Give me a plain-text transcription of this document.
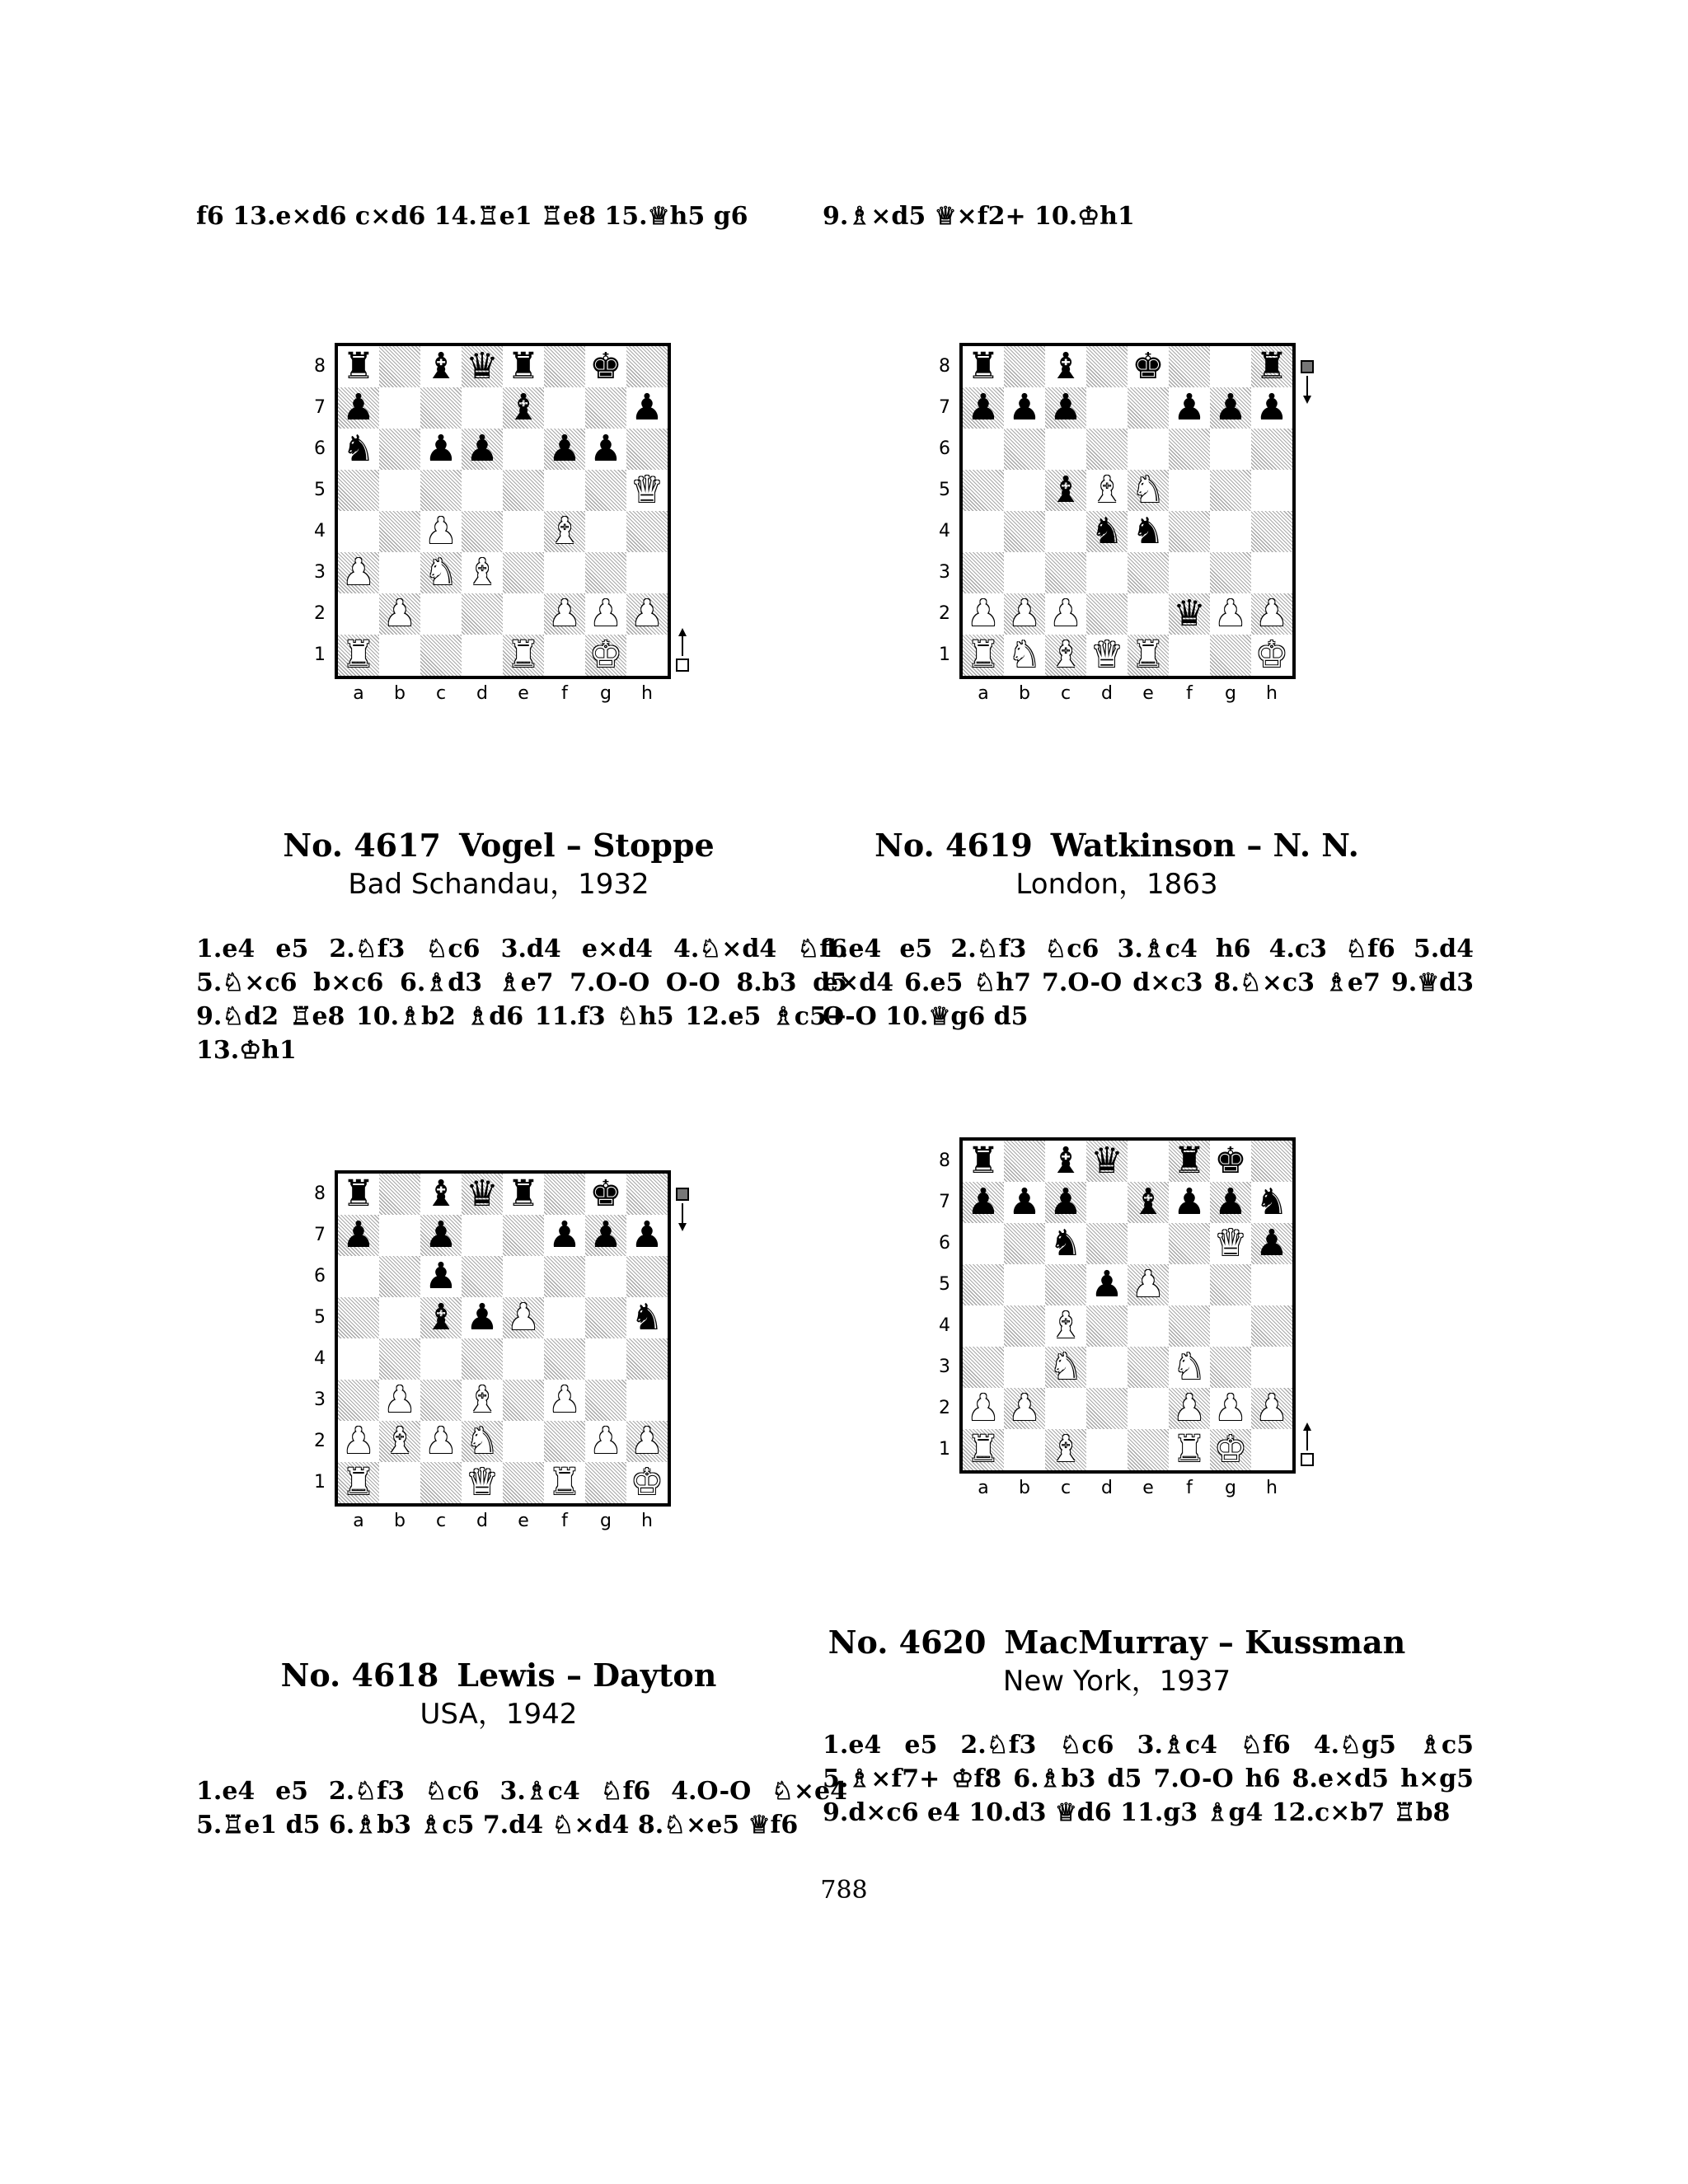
f6 13.e×d6 c×d6 14.♖e1 ♖e8 15.♕h5 g6	9.♗×d5 ♕×f2+ 10.♔h1
8
7
6
5
4
3
2
1
♜ ♝ ♛ ♜ ♚
♟	♝	♟
♞ ♟ ♟ ♟ ♟
♛
♟	♝
♟ ♞ ♝
♟	♟ ♟ ♟
♜	♜ ♚
a	b	c	d	e	f	g	h
8
7
6
5
4
3
2
1
♜ ♝ ♚	♜
♟ ♟ ♟	♟ ♟ ♟
♝ ♝ ♞
♞ ♞
♟ ♟ ♟	♛ ♟ ♟
♜ ♞ ♝ ♛ ♜	♚
a	b	c	d	e	f	g	h
8
7
6
5
4
3
2
1
♜ ♝ ♛ ♜ ♚
♟ ♟	♟ ♟ ♟
♟
♝ ♟ ♟	♞
♟ ♝ ♟
♟ ♝ ♟ ♞	♟ ♟
♜	♛ ♜ ♚
a	b	c	d	e	f	g	h
8
7
6
5
4
3
2
1
♜ ♝ ♛ ♜ ♚
♟ ♟ ♟ ♝ ♟ ♟ ♞
♞	♛ ♟
♟ ♟
♝
♞	♞
♟ ♟	♟ ♟ ♟
♜ ♝	♜ ♚
a	b	c	d	e	f	g	h
No. 4617 Vogel – Stoppe
Bad Schandau，1932
1.e4 e5 2.♘f3 ♘c6 3.d4 e×d4 4.♘×d4 ♘f6 5.♘×c6 b×c6 6.♗d3 ♗e7 7.O-O O-O 8.b3 d5 9.♘d2 ♖e8 10.♗b2 ♗d6 11.f3 ♘h5 12.e5 ♗c5+ 13.♔h1
No. 4619 Watkinson – N. N.
London，1863
1.e4 e5 2.♘f3 ♘c6 3.♗c4 h6 4.c3 ♘f6 5.d4 e×d4 6.e5 ♘h7 7.O-O d×c3 8.♘×c3 ♗e7 9.♕d3 O-O 10.♕g6 d5
No. 4618 Lewis – Dayton
USA，1942
1.e4 e5 2.♘f3 ♘c6 3.♗c4 ♘f6 4.O-O ♘×e4 5.♖e1 d5 6.♗b3 ♗c5 7.d4 ♘×d4 8.♘×e5 ♕f6
No. 4620 MacMurray – Kussman
New York，1937
1.e4 e5 2.♘f3 ♘c6 3.♗c4 ♘f6 4.♘g5 ♗c5 5.♗×f7+ ♔f8 6.♗b3 d5 7.O-O h6 8.e×d5 h×g5 9.d×c6 e4 10.d3 ♕d6 11.g3 ♗g4 12.c×b7 ♖b8
788
